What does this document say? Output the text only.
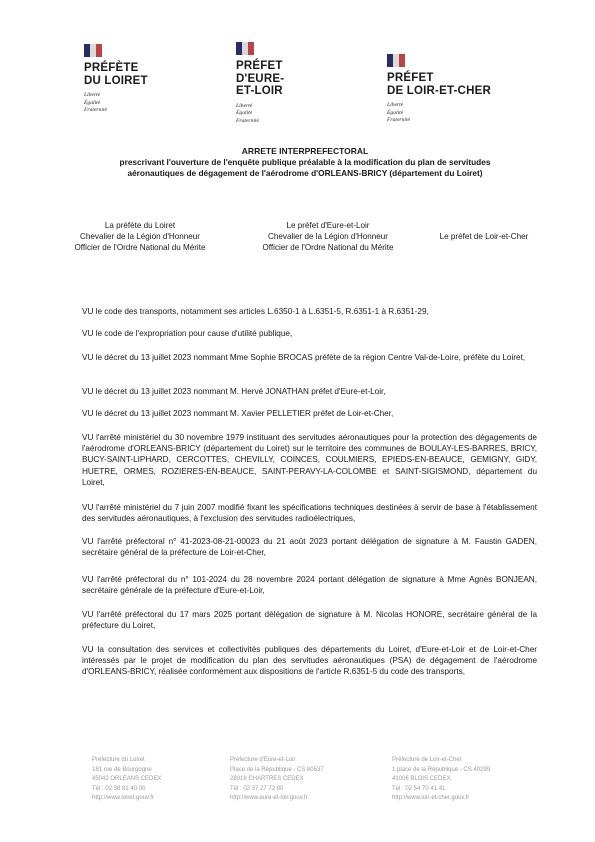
PRÉFÈTE
DU LOIRET
Liberté
Égalité
Fraternité
PRÉFET
D'EURE-
ET-LOIR
Liberté
Égalité
Fraternité
PRÉFET
DE LOIR-ET-CHER
Liberté
Égalité
Fraternité
ARRETE INTERPREFECTORAL
prescrivant l'ouverture de l'enquête publique préalable à la modification du plan de servitudes
aéronautiques de dégagement de l'aérodrome d'ORLEANS-BRICY (département du Loiret)
La préfète du Loiret
Chevalier de la Légion d'Honneur
Officier de l'Ordre National du Mérite
Le préfet d'Eure-et-Loir
Chevalier de la Légion d'Honneur
Officier de l'Ordre National du Mérite
Le préfet de Loir-et-Cher
VU le code des transports, notamment ses articles L.6350-1 à L.6351-5, R.6351-1 à R.6351-29,
VU le code de l'expropriation pour cause d'utilité publique,
VU le décret du 13 juillet 2023 nommant Mme Sophie BROCAS préfète de la région Centre Val-de-Loire, préfète du Loiret,
VU le décret du 13 juillet 2023 nommant M. Hervé JONATHAN préfet d'Eure-et-Loir,
VU le décret du 13 juillet 2023 nommant M. Xavier PELLETIER préfet de Loir-et-Cher,
VU l'arrêté ministériel du 30 novembre 1979 instituant des servitudes aéronautiques pour la protection des dégagements de l'aérodrome d'ORLEANS-BRICY (département du Loiret) sur le territoire des communes de BOULAY-LES-BARRES, BRICY, BUCY-SAINT-LIPHARD, CERCOTTES, CHEVILLY, COINCES, COULMIERS, EPIEDS-EN-BEAUCE, GEMIGNY, GIDY, HUETRE, ORMES, ROZIERES-EN-BEAUCE, SAINT-PERAVY-LA-COLOMBE et SAINT-SIGISMOND, département du Loiret,
VU l'arrêté ministériel du 7 juin 2007 modifié fixant les spécifications techniques destinées à servir de base à l'établissement des servitudes aéronautiques, à l'exclusion des servitudes radioélectriques,
VU l'arrêté préfectoral n° 41-2023-08-21-00023 du 21 août 2023 portant délégation de signature à M. Faustin GADEN, secrétaire général de la préfecture de Loir-et-Cher,
VU l'arrêté préfectoral du n° 101-2024 du 28 novembre 2024 portant délégation de signature à Mme Agnès BONJEAN, secrétaire générale de la préfecture d'Eure-et-Loir,
VU l'arrêté préfectoral du 17 mars 2025 portant délégation de signature à M. Nicolas HONORE, secrétaire général de la préfecture du Loiret,
VU la consultation des services et collectivités publiques des départements du Loiret, d'Eure-et-Loir et de Loir-et-Cher intéressés par le projet de modification du plan des servitudes aéronautiques (PSA) de dégagement de l'aérodrome d'ORLEANS-BRICY, réalisée conformément aux dispositions de l'article R.6351-5 du code des transports,
Préfecture du Loiret
181 rue de Bourgogne
45042 ORLEANS CEDEX
Tél : 02 38 81 40 00
http://www.loiret.gouv.fr
Préfecture d'Eure-et-Loir
Place de la République - CS 80537
28019 CHARTRES CEDEX
Tél : 02 37 27 72 00
http://www.eure-et-loir.gouv.fr
Préfecture de Loir-et-Cher
1 place de la République - CS 40299
41006 BLOIS CEDEX
Tél : 02 54 70 41 41
http://www.loir-et-cher.gouv.fr
